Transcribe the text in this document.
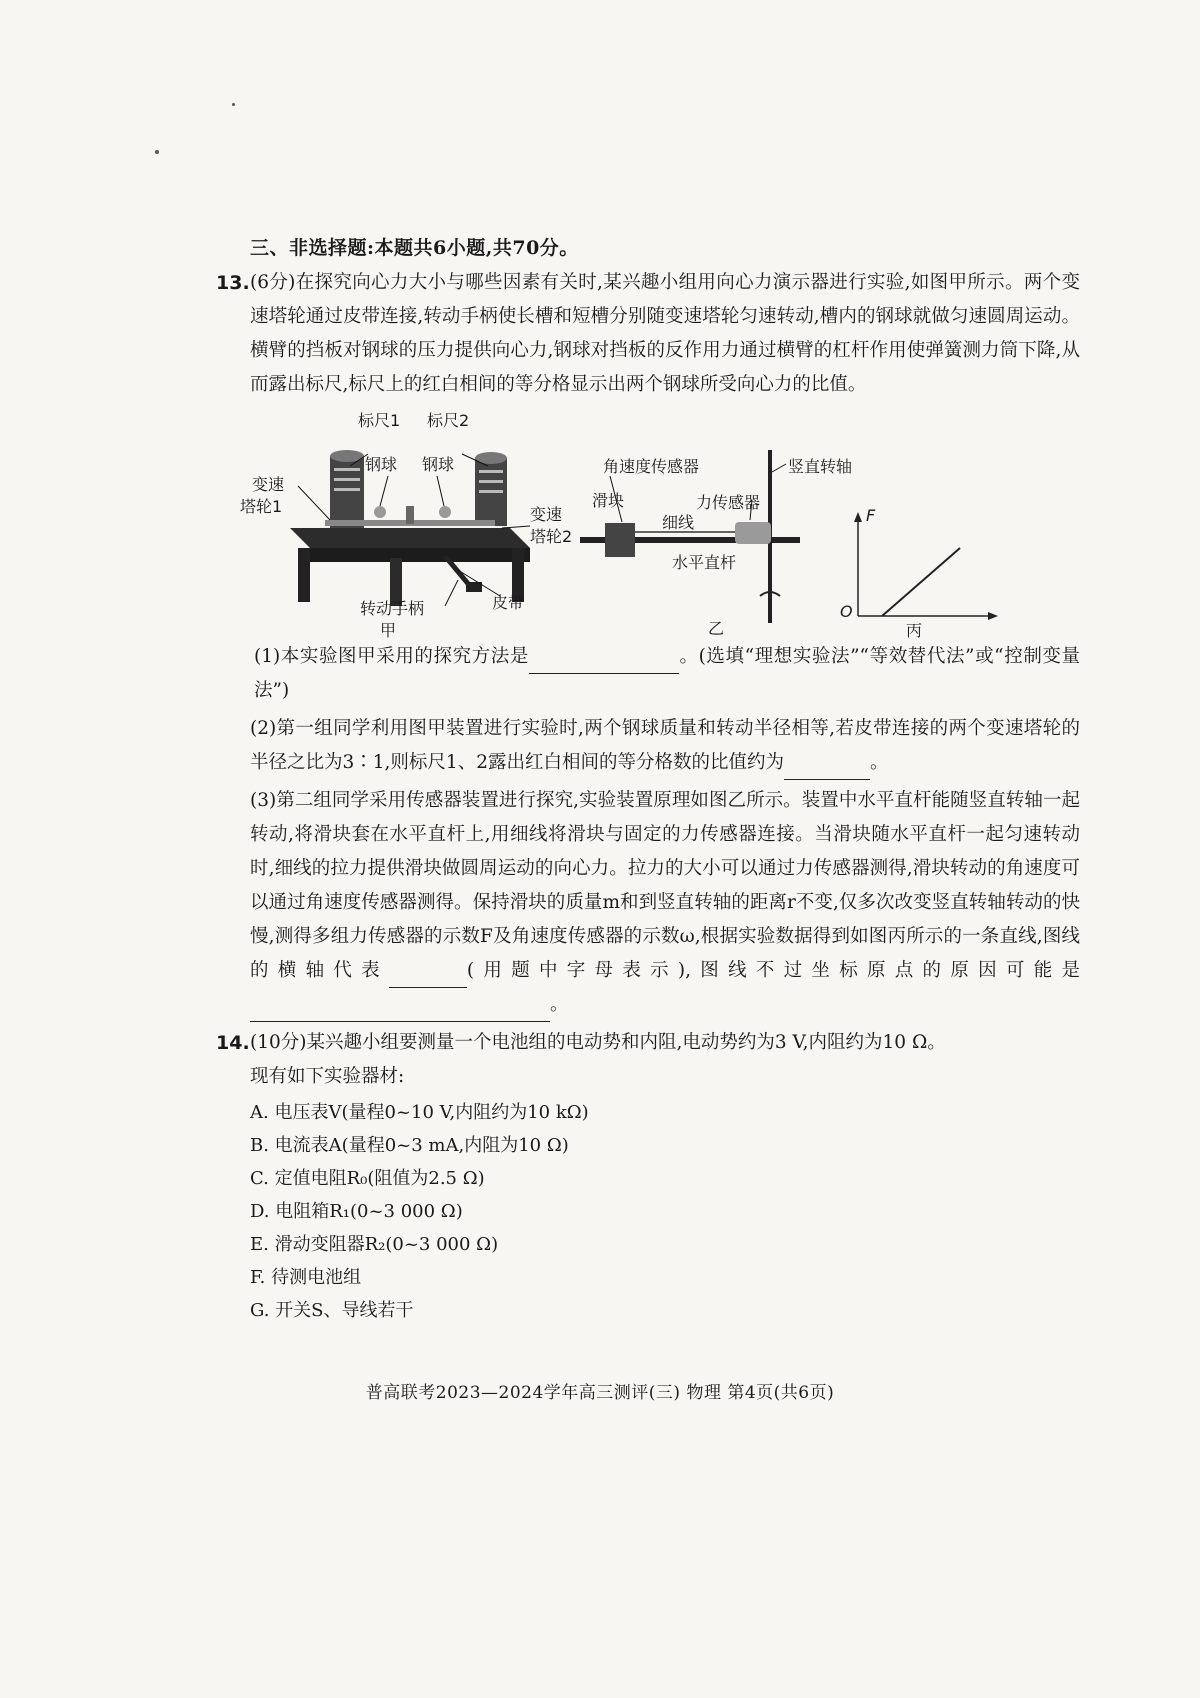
三、非选择题:本题共6小题,共70分。
13. (6分)在探究向心力大小与哪些因素有关时,某兴趣小组用向心力演示器进行实验,如图甲所示。两个变速塔轮通过皮带连接,转动手柄使长槽和短槽分别随变速塔轮匀速转动,槽内的钢球就做匀速圆周运动。横臂的挡板对钢球的压力提供向心力,钢球对挡板的反作用力通过横臂的杠杆作用使弹簧测力筒下降,从而露出标尺,标尺上的红白相间的等分格显示出两个钢球所受向心力的比值。

标尺1 标尺2
钢球 钢球
变速
塔轮1	变速
塔轮2
皮带
转动手柄
甲
角速度传感器	竖直转轴
滑块	力传感器
细线
水平直杆
乙
F
O
丙
(1)本实验图甲采用的探究方法是	。(选填“理想实验法”“等效替代法”或“控制变量法”)
(2)第一组同学利用图甲装置进行实验时,两个钢球质量和转动半径相等,若皮带连接的两个变速塔轮的半径之比为3∶1,则标尺1、2露出红白相间的等分格数的比值约为	。
(3)第二组同学采用传感器装置进行探究,实验装置原理如图乙所示。装置中水平直杆能随竖直转轴一起转动,将滑块套在水平直杆上,用细线将滑块与固定的力传感器连接。当滑块随水平直杆一起匀速转动时,细线的拉力提供滑块做圆周运动的向心力。拉力的大小可以通过力传感器测得,滑块转动的角速度可以通过角速度传感器测得。保持滑块的质量m和到竖直转轴的距离r不变,仅多次改变竖直转轴转动的快慢,测得多组力传感器的示数F及角速度传感器的示数ω,根据实验数据得到如图丙所示的一条直线,图线的横轴代表	(用题中字母表示),图线不过坐标原点的原因可能是。
14. (10分)某兴趣小组要测量一个电池组的电动势和内阻,电动势约为3 V,内阻约为10 Ω。

现有如下实验器材:

A. 电压表V(量程0~10 V,内阻约为10 kΩ)
B. 电流表A(量程0~3 mA,内阻为10 Ω)
C. 定值电阻R₀(阻值为2.5 Ω)
D. 电阻箱R₁(0~3 000 Ω)
E. 滑动变阻器R₂(0~3 000 Ω)
F. 待测电池组
G. 开关S、导线若干
普高联考2023—2024学年高三测评(三) 物理 第4页(共6页)
